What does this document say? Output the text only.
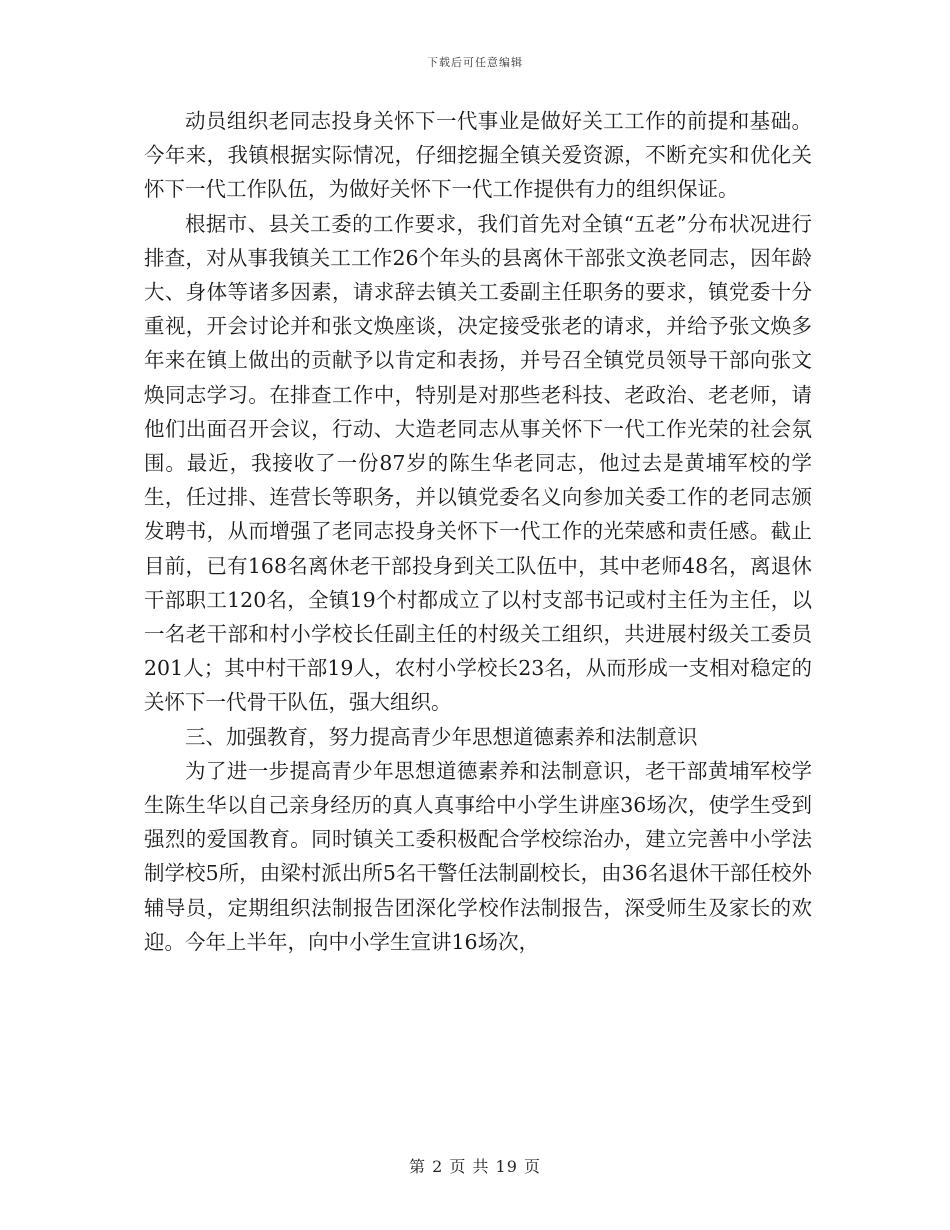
下载后可任意编辑

动员组织老同志投身关怀下一代事业是做好关工工作的前提和基础。今年来，我镇根据实际情况，仔细挖掘全镇关爱资源，不断充实和优化关怀下一代工作队伍，为做好关怀下一代工作提供有力的组织保证。

根据市、县关工委的工作要求，我们首先对全镇“五老”分布状况进行排查，对从事我镇关工工作26个年头的县离休干部张文涣老同志，因年龄大、身体等诸多因素，请求辞去镇关工委副主任职务的要求，镇党委十分重视，开会讨论并和张文焕座谈，决定接受张老的请求，并给予张文焕多年来在镇上做出的贡献予以肯定和表扬，并号召全镇党员领导干部向张文焕同志学习。在排查工作中，特别是对那些老科技、老政治、老老师，请他们出面召开会议，行动、大造老同志从事关怀下一代工作光荣的社会氛围。最近，我接收了一份87岁的陈生华老同志，他过去是黄埔军校的学生，任过排、连营长等职务，并以镇党委名义向参加关委工作的老同志颁发聘书，从而增强了老同志投身关怀下一代工作的光荣感和责任感。截止目前，已有168名离休老干部投身到关工队伍中，其中老师48名，离退休干部职工120名，全镇19个村都成立了以村支部书记或村主任为主任，以一名老干部和村小学校长任副主任的村级关工组织，共进展村级关工委员201人；其中村干部19人，农村小学校长23名，从而形成一支相对稳定的关怀下一代骨干队伍，强大组织。

三、加强教育，努力提高青少年思想道德素养和法制意识

为了进一步提高青少年思想道德素养和法制意识，老干部黄埔军校学生陈生华以自己亲身经历的真人真事给中小学生讲座36场次，使学生受到强烈的爱国教育。同时镇关工委积极配合学校综治办，建立完善中小学法制学校5所，由梁村派出所5名干警任法制副校长，由36名退休干部任校外辅导员，定期组织法制报告团深化学校作法制报告，深受师生及家长的欢迎。今年上半年，向中小学生宣讲16场次，

第 2 页 共 19 页
